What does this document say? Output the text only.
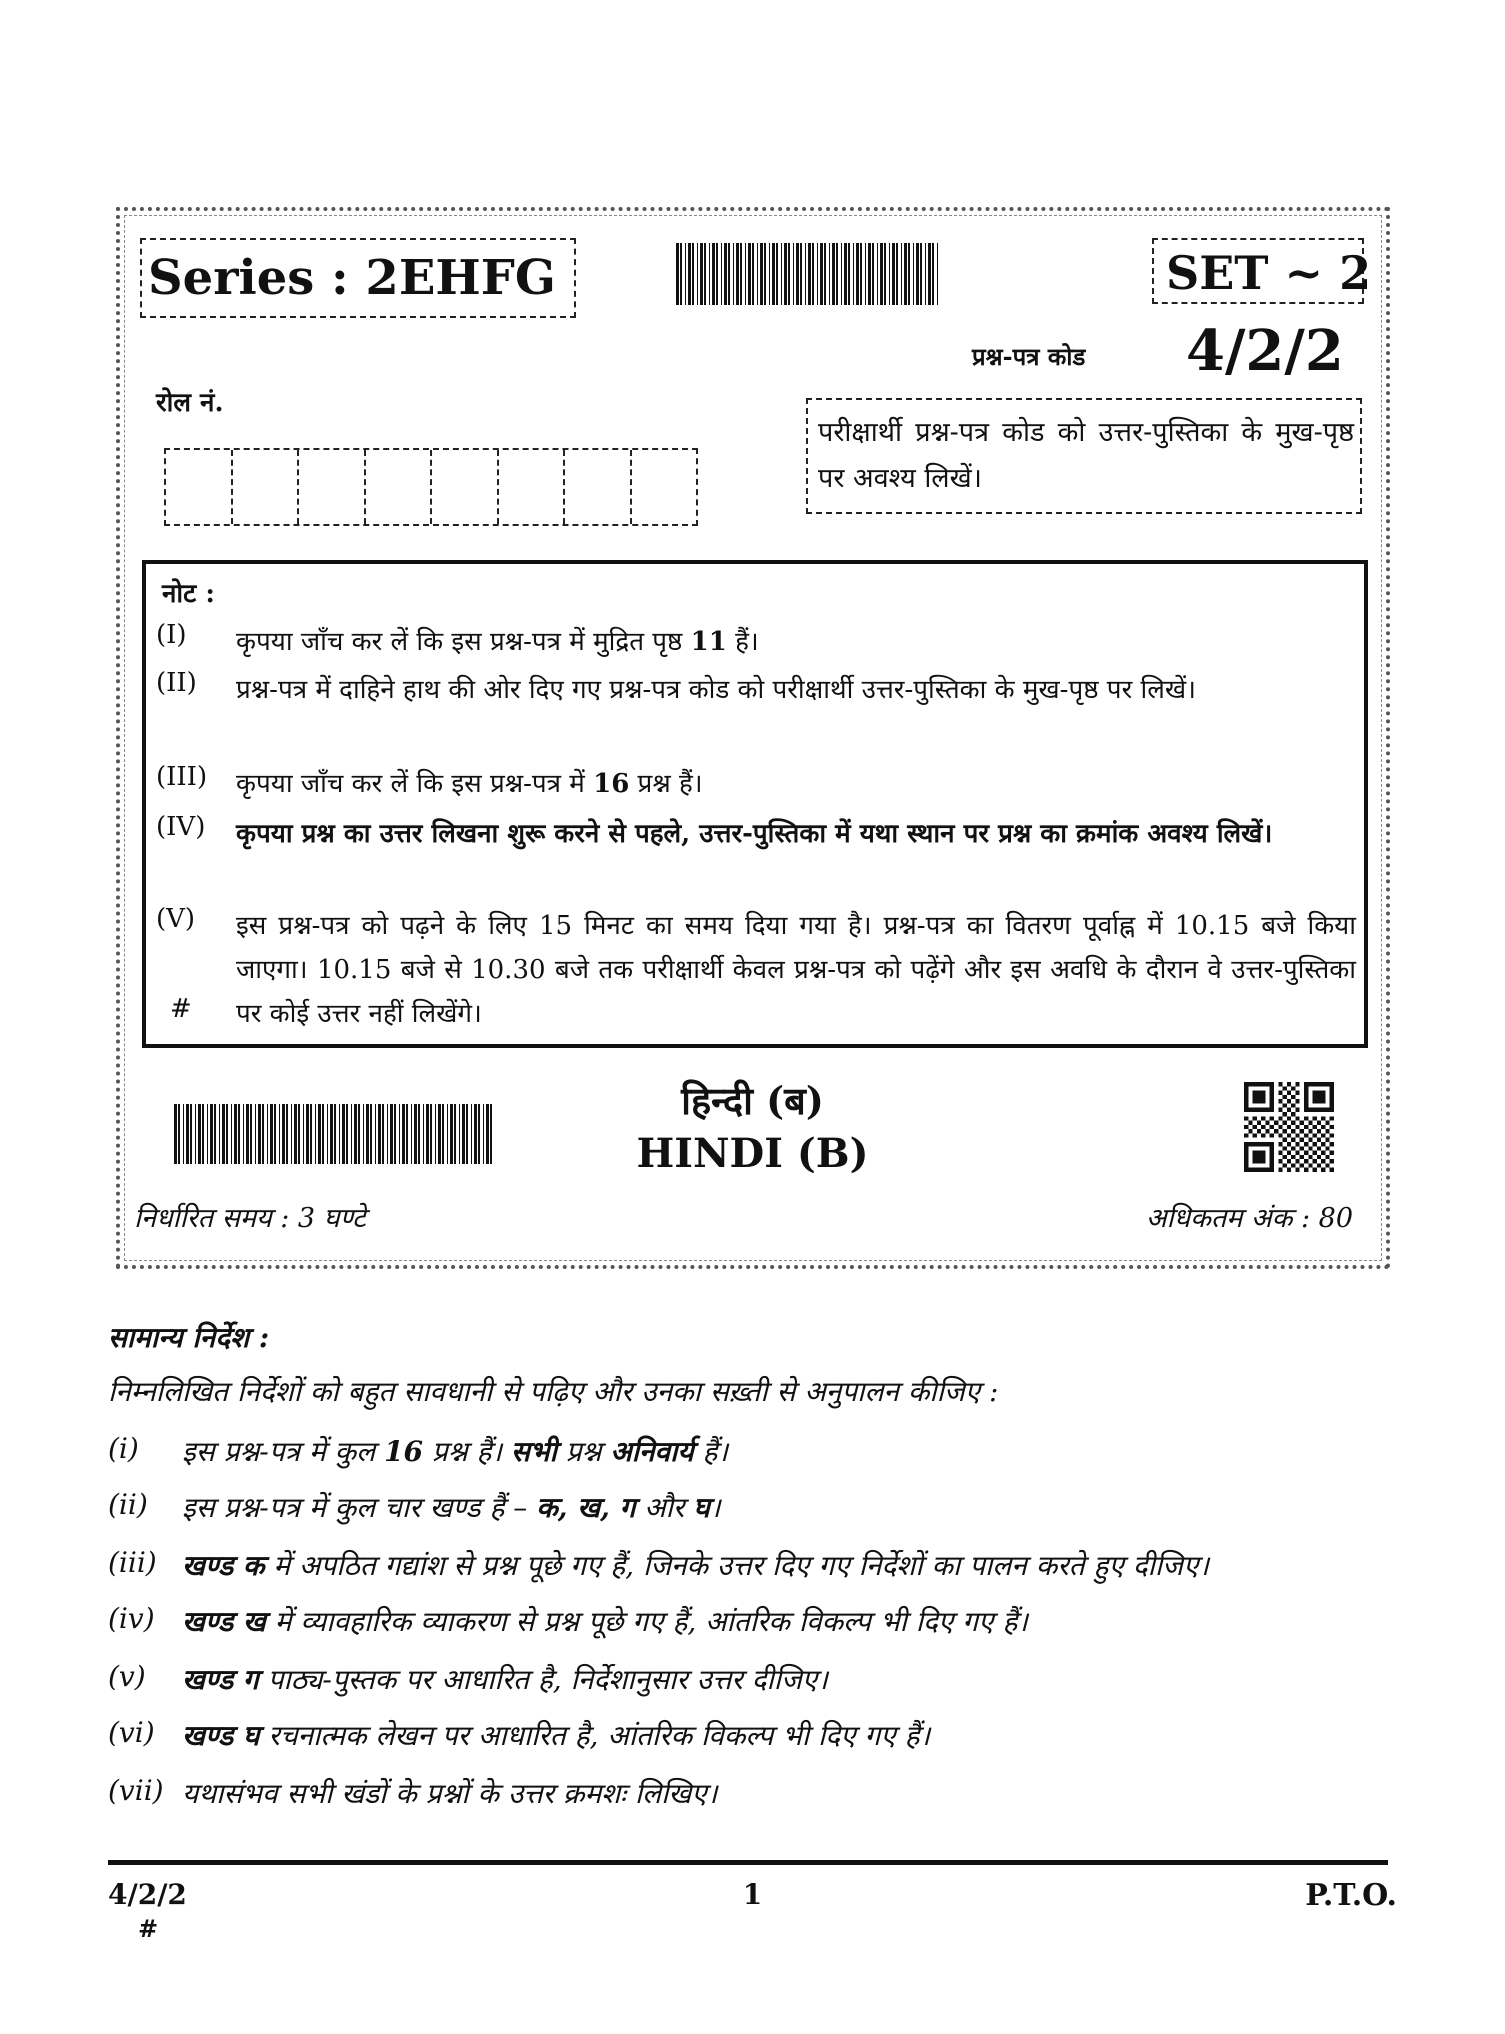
Series : 2EHFG	SET ~ 2
प्रश्न-पत्र कोड 4/2/2
रोल नं.
परीक्षार्थी प्रश्न-पत्र कोड को उत्तर-पुस्तिका के मुख-पृष्ठ पर अवश्य लिखें।
नोट :
(I) कृपया जाँच कर लें कि इस प्रश्न-पत्र में मुद्रित पृष्ठ 11 हैं।
(II) प्रश्न-पत्र में दाहिने हाथ की ओर दिए गए प्रश्न-पत्र कोड को परीक्षार्थी उत्तर-पुस्तिका के मुख-पृष्ठ पर लिखें।
(III) कृपया जाँच कर लें कि इस प्रश्न-पत्र में 16 प्रश्न हैं।
(IV) कृपया प्रश्न का उत्तर लिखना शुरू करने से पहले, उत्तर-पुस्तिका में यथा स्थान पर प्रश्न का क्रमांक अवश्य लिखें।
(V) इस प्रश्न-पत्र को पढ़ने के लिए 15 मिनट का समय दिया गया है। प्रश्न-पत्र का वितरण पूर्वाह्न में 10.15 बजे किया जाएगा। 10.15 बजे से 10.30 बजे तक परीक्षार्थी केवल प्रश्न-पत्र को पढ़ेंगे और इस अवधि के दौरान वे उत्तर-पुस्तिका पर कोई उत्तर नहीं लिखेंगे।
#
हिन्दी (ब)
HINDI (B)
निर्धारित समय : 3 घण्टे	अधिकतम अंक : 80
सामान्य निर्देश :
निम्नलिखित निर्देशों को बहुत सावधानी से पढ़िए और उनका सख़्ती से अनुपालन कीजिए :
(i) इस प्रश्न-पत्र में कुल 16 प्रश्न हैं। सभी प्रश्न अनिवार्य हैं।
(ii) इस प्रश्न-पत्र में कुल चार खण्ड हैं – क, ख, ग और घ।
(iii) खण्ड क में अपठित गद्यांश से प्रश्न पूछे गए हैं, जिनके उत्तर दिए गए निर्देशों का पालन करते हुए दीजिए।
(iv) खण्ड ख में व्यावहारिक व्याकरण से प्रश्न पूछे गए हैं, आंतरिक विकल्प भी दिए गए हैं।
(v) खण्ड ग पाठ्य-पुस्तक पर आधारित है, निर्देशानुसार उत्तर दीजिए।
(vi) खण्ड घ रचनात्मक लेखन पर आधारित है, आंतरिक विकल्प भी दिए गए हैं।
(vii) यथासंभव सभी खंडों के प्रश्नों के उत्तर क्रमशः लिखिए।
4/2/2
#
1	P.T.O.
